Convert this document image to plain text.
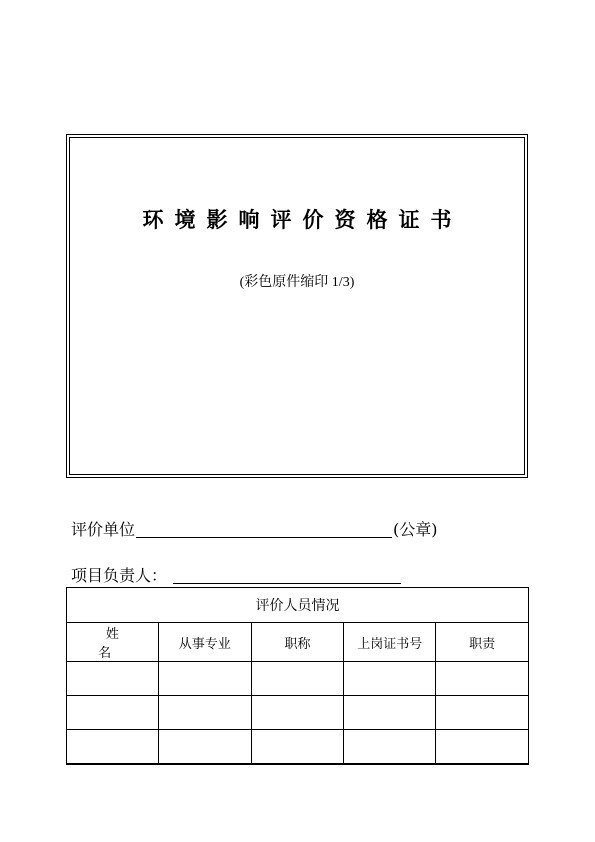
环境影响评价资格证书
(彩色原件缩印 1/3)
评价单位	(公章)
项目负责人：
评价人员情况				
姓 名	从事专业	职称	上岗证书号	职责
